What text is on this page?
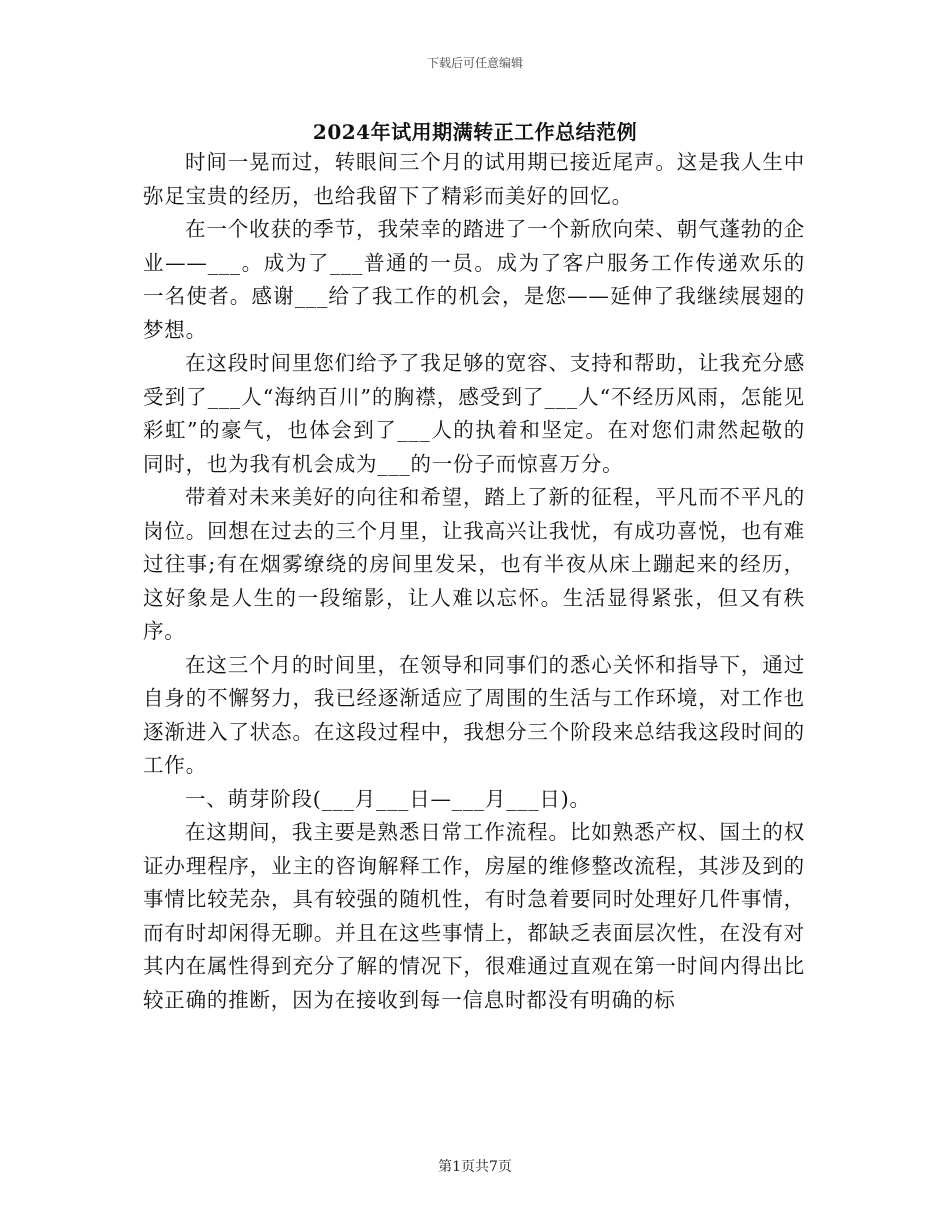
下载后可任意编辑
2024年试用期满转正工作总结范例

时间一晃而过，转眼间三个月的试用期已接近尾声。这是我人生中弥足宝贵的经历，也给我留下了精彩而美好的回忆。

在一个收获的季节，我荣幸的踏进了一个新欣向荣、朝气蓬勃的企业——___。成为了___普通的一员。成为了客户服务工作传递欢乐的一名使者。感谢___给了我工作的机会，是您——延伸了我继续展翅的梦想。

在这段时间里您们给予了我足够的宽容、支持和帮助，让我充分感受到了___人“海纳百川”的胸襟，感受到了___人“不经历风雨，怎能见彩虹”的豪气，也体会到了___人的执着和坚定。在对您们肃然起敬的同时，也为我有机会成为___的一份子而惊喜万分。

带着对未来美好的向往和希望，踏上了新的征程，平凡而不平凡的岗位。回想在过去的三个月里，让我高兴让我忧，有成功喜悦，也有难过往事;有在烟雾缭绕的房间里发呆，也有半夜从床上蹦起来的经历，这好象是人生的一段缩影，让人难以忘怀。生活显得紧张，但又有秩序。

在这三个月的时间里，在领导和同事们的悉心关怀和指导下，通过自身的不懈努力，我已经逐渐适应了周围的生活与工作环境，对工作也逐渐进入了状态。在这段过程中，我想分三个阶段来总结我这段时间的工作。

一、萌芽阶段(___月___日—___月___日)。

在这期间，我主要是熟悉日常工作流程。比如熟悉产权、国土的权证办理程序，业主的咨询解释工作，房屋的维修整改流程，其涉及到的事情比较芜杂，具有较强的随机性，有时急着要同时处理好几件事情，而有时却闲得无聊。并且在这些事情上，都缺乏表面层次性，在没有对其内在属性得到充分了解的情况下，很难通过直观在第一时间内得出比较正确的推断，因为在接收到每一信息时都没有明确的标

第1页共7页
